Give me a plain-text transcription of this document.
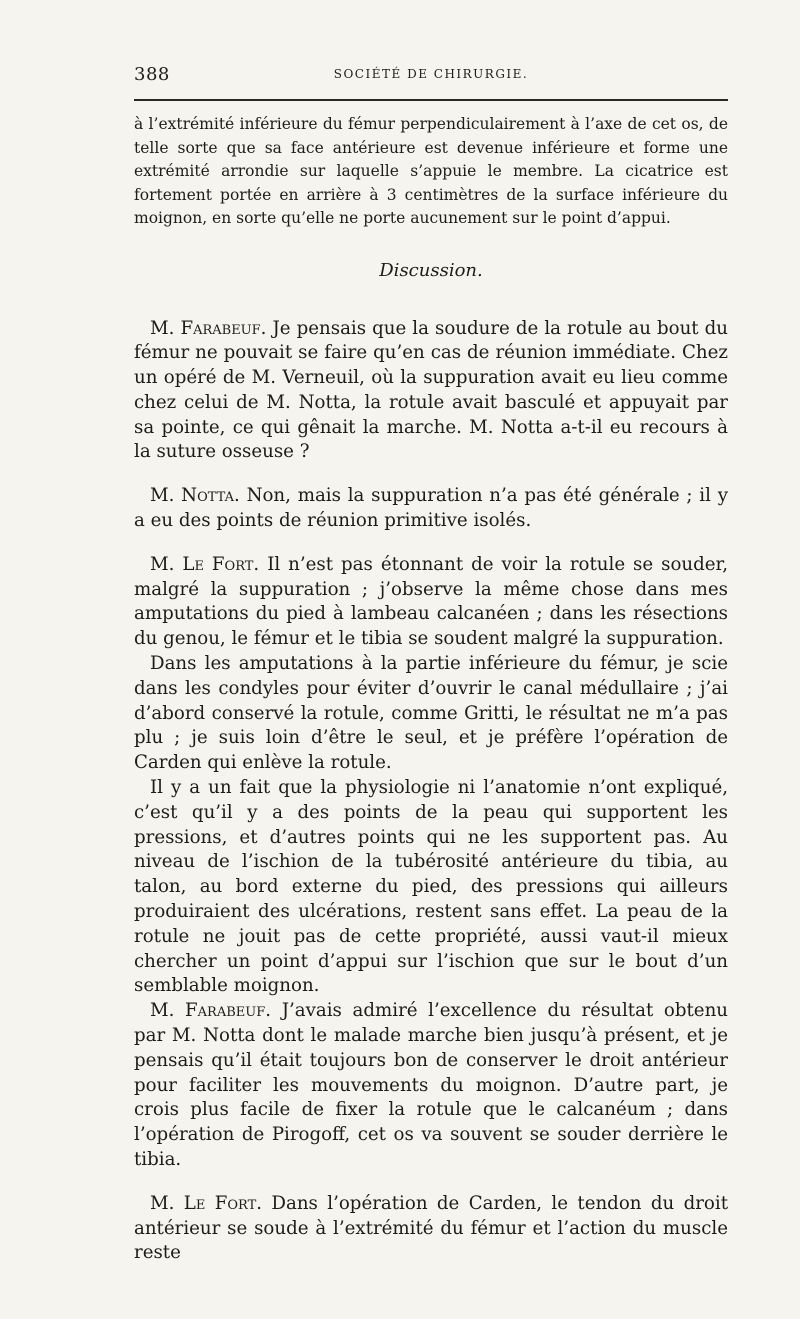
388	SOCIÉTÉ DE CHIRURGIE.

à l’extrémité inférieure du fémur perpendiculairement à l’axe de cet os, de telle sorte que sa face antérieure est devenue inférieure et forme une extrémité arrondie sur laquelle s’appuie le membre. La cicatrice est fortement portée en arrière à 3 centimètres de la surface inférieure du moignon, en sorte qu’elle ne porte aucunement sur le point d’appui.

Discussion.

M. Farabeuf. Je pensais que la soudure de la rotule au bout du fémur ne pouvait se faire qu’en cas de réunion immédiate. Chez un opéré de M. Verneuil, où la suppuration avait eu lieu comme chez celui de M. Notta, la rotule avait basculé et appuyait par sa pointe, ce qui gênait la marche. M. Notta a-t-il eu recours à la suture osseuse ?

M. Notta. Non, mais la suppuration n’a pas été générale ; il y a eu des points de réunion primitive isolés.

M. Le Fort. Il n’est pas étonnant de voir la rotule se souder, malgré la suppuration ; j’observe la même chose dans mes amputations du pied à lambeau calcanéen ; dans les résections du genou, le fémur et le tibia se soudent malgré la suppuration.

Dans les amputations à la partie inférieure du fémur, je scie dans les condyles pour éviter d’ouvrir le canal médullaire ; j’ai d’abord conservé la rotule, comme Gritti, le résultat ne m’a pas plu ; je suis loin d’être le seul, et je préfère l’opération de Carden qui enlève la rotule.

Il y a un fait que la physiologie ni l’anatomie n’ont expliqué, c’est qu’il y a des points de la peau qui supportent les pressions, et d’autres points qui ne les supportent pas. Au niveau de l’ischion de la tubérosité antérieure du tibia, au talon, au bord externe du pied, des pressions qui ailleurs produiraient des ulcérations, restent sans effet. La peau de la rotule ne jouit pas de cette propriété, aussi vaut-il mieux chercher un point d’appui sur l’ischion que sur le bout d’un semblable moignon.

M. Farabeuf. J’avais admiré l’excellence du résultat obtenu par M. Notta dont le malade marche bien jusqu’à présent, et je pensais qu’il était toujours bon de conserver le droit antérieur pour faciliter les mouvements du moignon. D’autre part, je crois plus facile de fixer la rotule que le calcanéum ; dans l’opération de Pirogoff, cet os va souvent se souder derrière le tibia.

M. Le Fort. Dans l’opération de Carden, le tendon du droit antérieur se soude à l’extrémité du fémur et l’action du muscle reste
